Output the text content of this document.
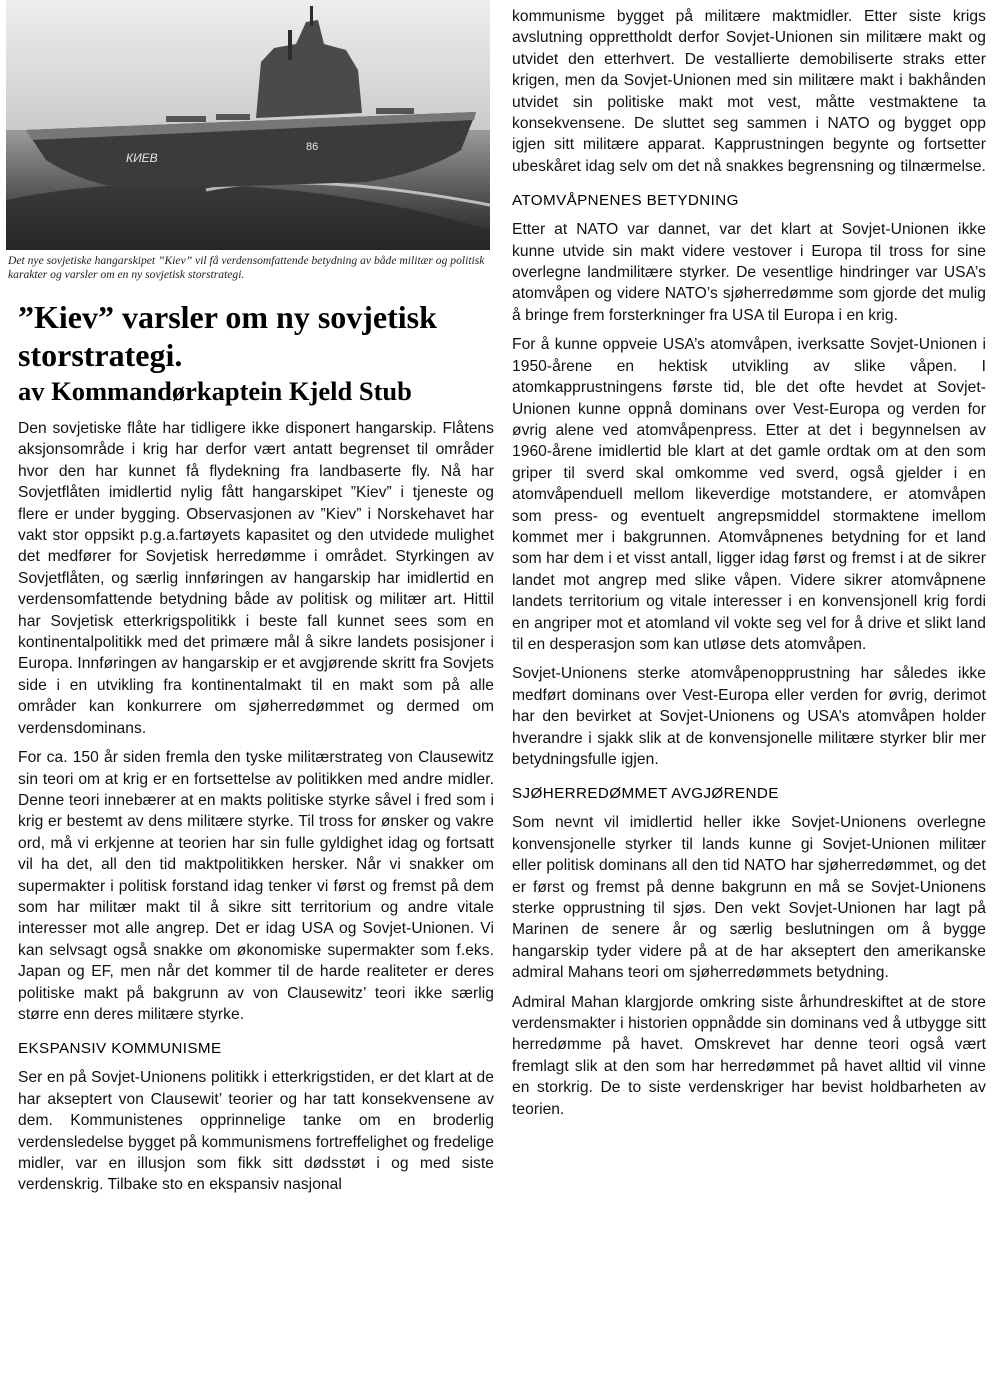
КИЕВ
86
Det nye sovjetiske hangarskipet ”Kiev” vil få verdensomfattende betydning av både militær og politisk karakter og varsler om en ny sovjetisk storstrategi.
”Kiev” varsler om ny sovjetisk storstrategi.
av Kommandørkaptein Kjeld Stub

Den sovjetiske flåte har tidligere ikke disponert hangarskip. Flåtens aksjonsområde i krig har derfor vært antatt begrenset til områder hvor den har kunnet få flydekning fra landbaserte fly. Nå har Sovjetflåten imidlertid nylig fått hangarskipet ”Kiev” i tjeneste og flere er under bygging. Observasjonen av ”Kiev” i Norskehavet har vakt stor oppsikt p.g.a.fartøyets kapasitet og den utvidede mulighet det medfører for Sovjetisk herredømme i området. Styrkingen av Sovjetflåten, og særlig innføringen av hangarskip har imidlertid en verdensomfattende betydning både av politisk og militær art. Hittil har Sovjetisk etterkrigspolitikk i beste fall kunnet sees som en kontinentalpolitikk med det primære mål å sikre landets posisjoner i Europa. Innføringen av hangarskip er et avgjørende skritt fra Sovjets side i en utvikling fra kontinentalmakt til en makt som på alle områder kan konkurrere om sjøherredømmet og dermed om verdensdominans.

For ca. 150 år siden fremla den tyske militærstrateg von Clausewitz sin teori om at krig er en fortsettelse av politikken med andre midler. Denne teori innebærer at en makts politiske styrke såvel i fred som i krig er bestemt av dens militære styrke. Til tross for ønsker og vakre ord, må vi erkjenne at teorien har sin fulle gyldighet idag og fortsatt vil ha det, all den tid maktpolitikken hersker. Når vi snakker om supermakter i politisk forstand idag tenker vi først og fremst på dem som har militær makt til å sikre sitt territorium og andre vitale interesser mot alle angrep. Det er idag USA og Sovjet-Unionen. Vi kan selvsagt også snakke om økonomiske supermakter som f.eks. Japan og EF, men når det kommer til de harde realiteter er deres politiske makt på bakgrunn av von Clausewitz’ teori ikke særlig større enn deres militære styrke.

EKSPANSIV KOMMUNISME

Ser en på Sovjet-Unionens politikk i etterkrigstiden, er det klart at de har akseptert von Clausewit’ teorier og har tatt konsekvensene av dem. Kommunistenes opprinnelige tanke om en broderlig verdensledelse bygget på kommunismens fortreffelighet og fredelige midler, var en illusjon som fikk sitt dødsstøt i og med siste verdenskrig. Tilbake sto en ekspansiv nasjonal

kommunisme bygget på militære maktmidler. Etter siste krigs avslutning opprettholdt derfor Sovjet-Unionen sin militære makt og utvidet den etterhvert. De vestallierte demobiliserte straks etter krigen, men da Sovjet-Unionen med sin militære makt i bakhånden utvidet sin politiske makt mot vest, måtte vestmaktene ta konsekvensene. De sluttet seg sammen i NATO og bygget opp igjen sitt militære apparat. Kapprustningen begynte og fortsetter ubeskåret idag selv om det nå snakkes begrensning og tilnærmelse.

ATOMVÅPNENES BETYDNING

Etter at NATO var dannet, var det klart at Sovjet-Unionen ikke kunne utvide sin makt videre vestover i Europa til tross for sine overlegne landmilitære styrker. De vesentlige hindringer var USA’s atomvåpen og videre NATO’s sjøherredømme som gjorde det mulig å bringe frem forsterkninger fra USA til Europa i en krig.

For å kunne oppveie USA’s atomvåpen, iverksatte Sovjet-Unionen i 1950-årene en hektisk utvikling av slike våpen. I atomkapprustningens første tid, ble det ofte hevdet at Sovjet-Unionen kunne oppnå dominans over Vest-Europa og verden for øvrig alene ved atomvåpenpress. Etter at det i begynnelsen av 1960-årene imidlertid ble klart at det gamle ordtak om at den som griper til sverd skal omkomme ved sverd, også gjelder i en atomvåpenduell mellom likeverdige motstandere, er atomvåpen som press- og eventuelt angrepsmiddel stormaktene imellom kommet mer i bakgrunnen. Atomvåpnenes betydning for et land som har dem i et visst antall, ligger idag først og fremst i at de sikrer landet mot angrep med slike våpen. Videre sikrer atomvåpnene landets territorium og vitale interesser i en konvensjonell krig fordi en angriper mot et atomland vil vokte seg vel for å drive et slikt land til en desperasjon som kan utløse dets atomvåpen.

Sovjet-Unionens sterke atomvåpenopprustning har således ikke medført dominans over Vest-Europa eller verden for øvrig, derimot har den bevirket at Sovjet-Unionens og USA’s atomvåpen holder hverandre i sjakk slik at de konvensjonelle militære styrker blir mer betydningsfulle igjen.

SJØHERREDØMMET AVGJØRENDE

Som nevnt vil imidlertid heller ikke Sovjet-Unionens overlegne konvensjonelle styrker til lands kunne gi Sovjet-Unionen militær eller politisk dominans all den tid NATO har sjøherredømmet, og det er først og fremst på denne bakgrunn en må se Sovjet-Unionens sterke opprustning til sjøs. Den vekt Sovjet-Unionen har lagt på Marinen de senere år og særlig beslutningen om å bygge hangarskip tyder videre på at de har akseptert den amerikanske admiral Mahans teori om sjøherredømmets betydning.

Admiral Mahan klargjorde omkring siste århundreskiftet at de store verdensmakter i historien oppnådde sin dominans ved å utbygge sitt herredømme på havet. Omskrevet har denne teori også vært fremlagt slik at den som har herredømmet på havet alltid vil vinne en storkrig. De to siste verdenskriger har bevist holdbarheten av teorien.
